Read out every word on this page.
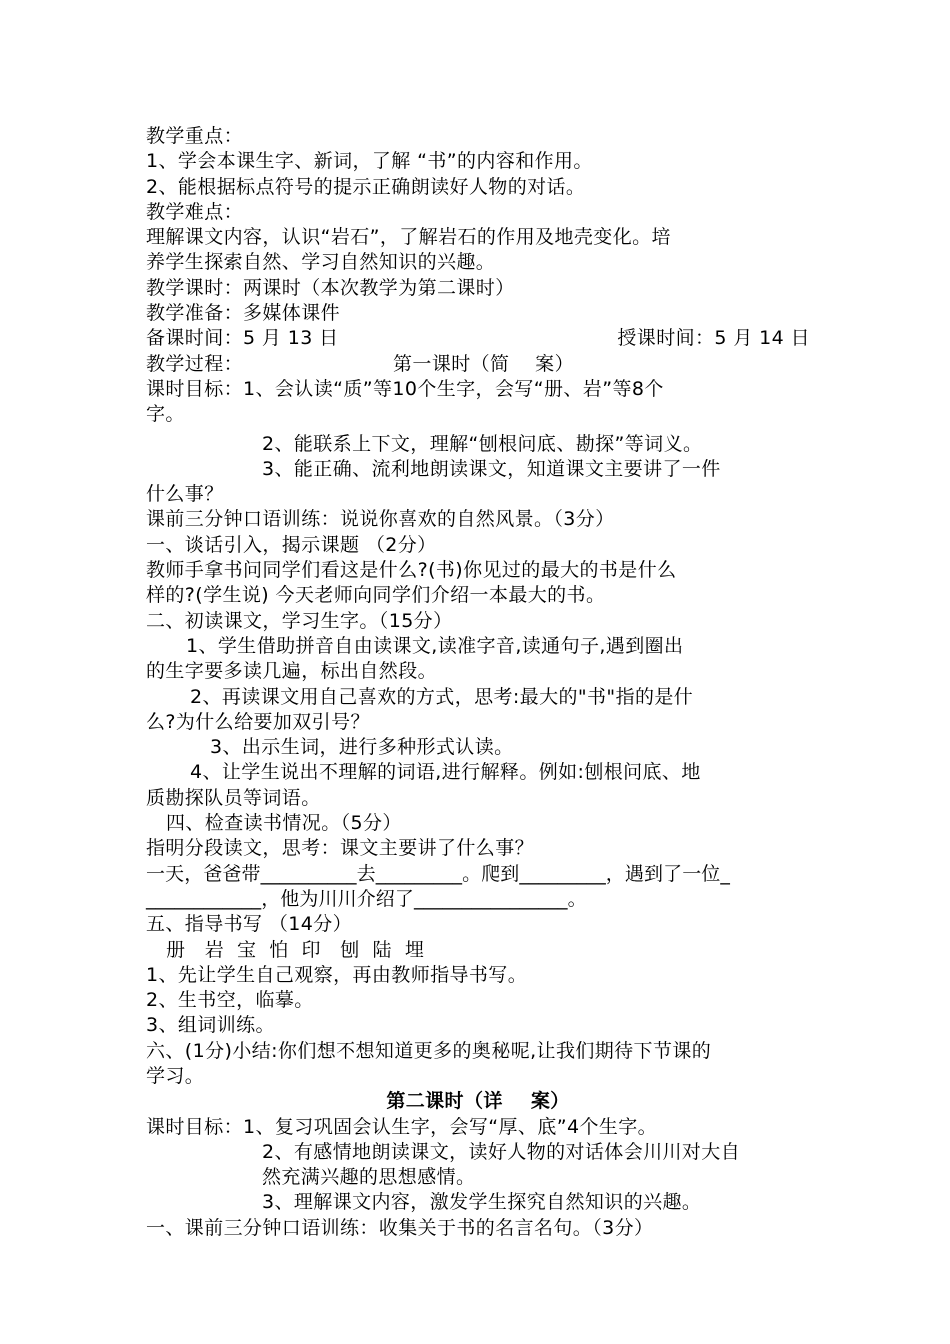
教学重点：
1、学会本课生字、新词，了解 “书”的内容和作用。
2、能根据标点符号的提示正确朗读好人物的对话。
教学难点：
理解课文内容，认识“岩石”，了解岩石的作用及地壳变化。培
养学生探索自然、学习自然知识的兴趣。
教学课时：两课时（本次教学为第二课时）
教学准备：多媒体课件
备课时间：5 月 13 日	授课时间：5 月 14 日
教学过程：	第一课时（简    案）
课时目标：1、会认读“质”等10个生字，会写“册、岩”等8个
字。
2、能联系上下文，理解“刨根问底、勘探”等词义。
3、能正确、流利地朗读课文，知道课文主要讲了一件
什么事？
课前三分钟口语训练：说说你喜欢的自然风景。（3分）
一、谈话引入，揭示课题 （2分）
教师手拿书问同学们看这是什么?(书)你见过的最大的书是什么
样的?(学生说) 今天老师向同学们介绍一本最大的书。
二、初读课文，学习生字。（15分）
1、学生借助拼音自由读课文,读准字音,读通句子,遇到圈出
的生字要多读几遍，标出自然段。
2、再读课文用自己喜欢的方式，思考:最大的"书"指的是什
么?为什么给要加双引号？
3、出示生词，进行多种形式认读。
4、让学生说出不理解的词语,进行解释。例如:刨根问底、地
质勘探队员等词语。
四、检查读书情况。（5分）
指明分段读文，思考：课文主要讲了什么事？
一天，爸爸带__________去_________。爬到_________，遇到了一位_
____________，他为川川介绍了________________。
五、指导书写 （14分）
册   岩  宝  怕  印   刨  陆  埋
1、先让学生自己观察，再由教师指导书写。
2、生书空，临摹。
3、组词训练。
六、(1分)小结:你们想不想知道更多的奥秘呢,让我们期待下节课的
学习。
第二课时（详    案）
课时目标：1、复习巩固会认生字，会写“厚、底”4个生字。
2、有感情地朗读课文，读好人物的对话体会川川对大自
然充满兴趣的思想感情。
3、理解课文内容，激发学生探究自然知识的兴趣。
一、课前三分钟口语训练：收集关于书的名言名句。（3分）
